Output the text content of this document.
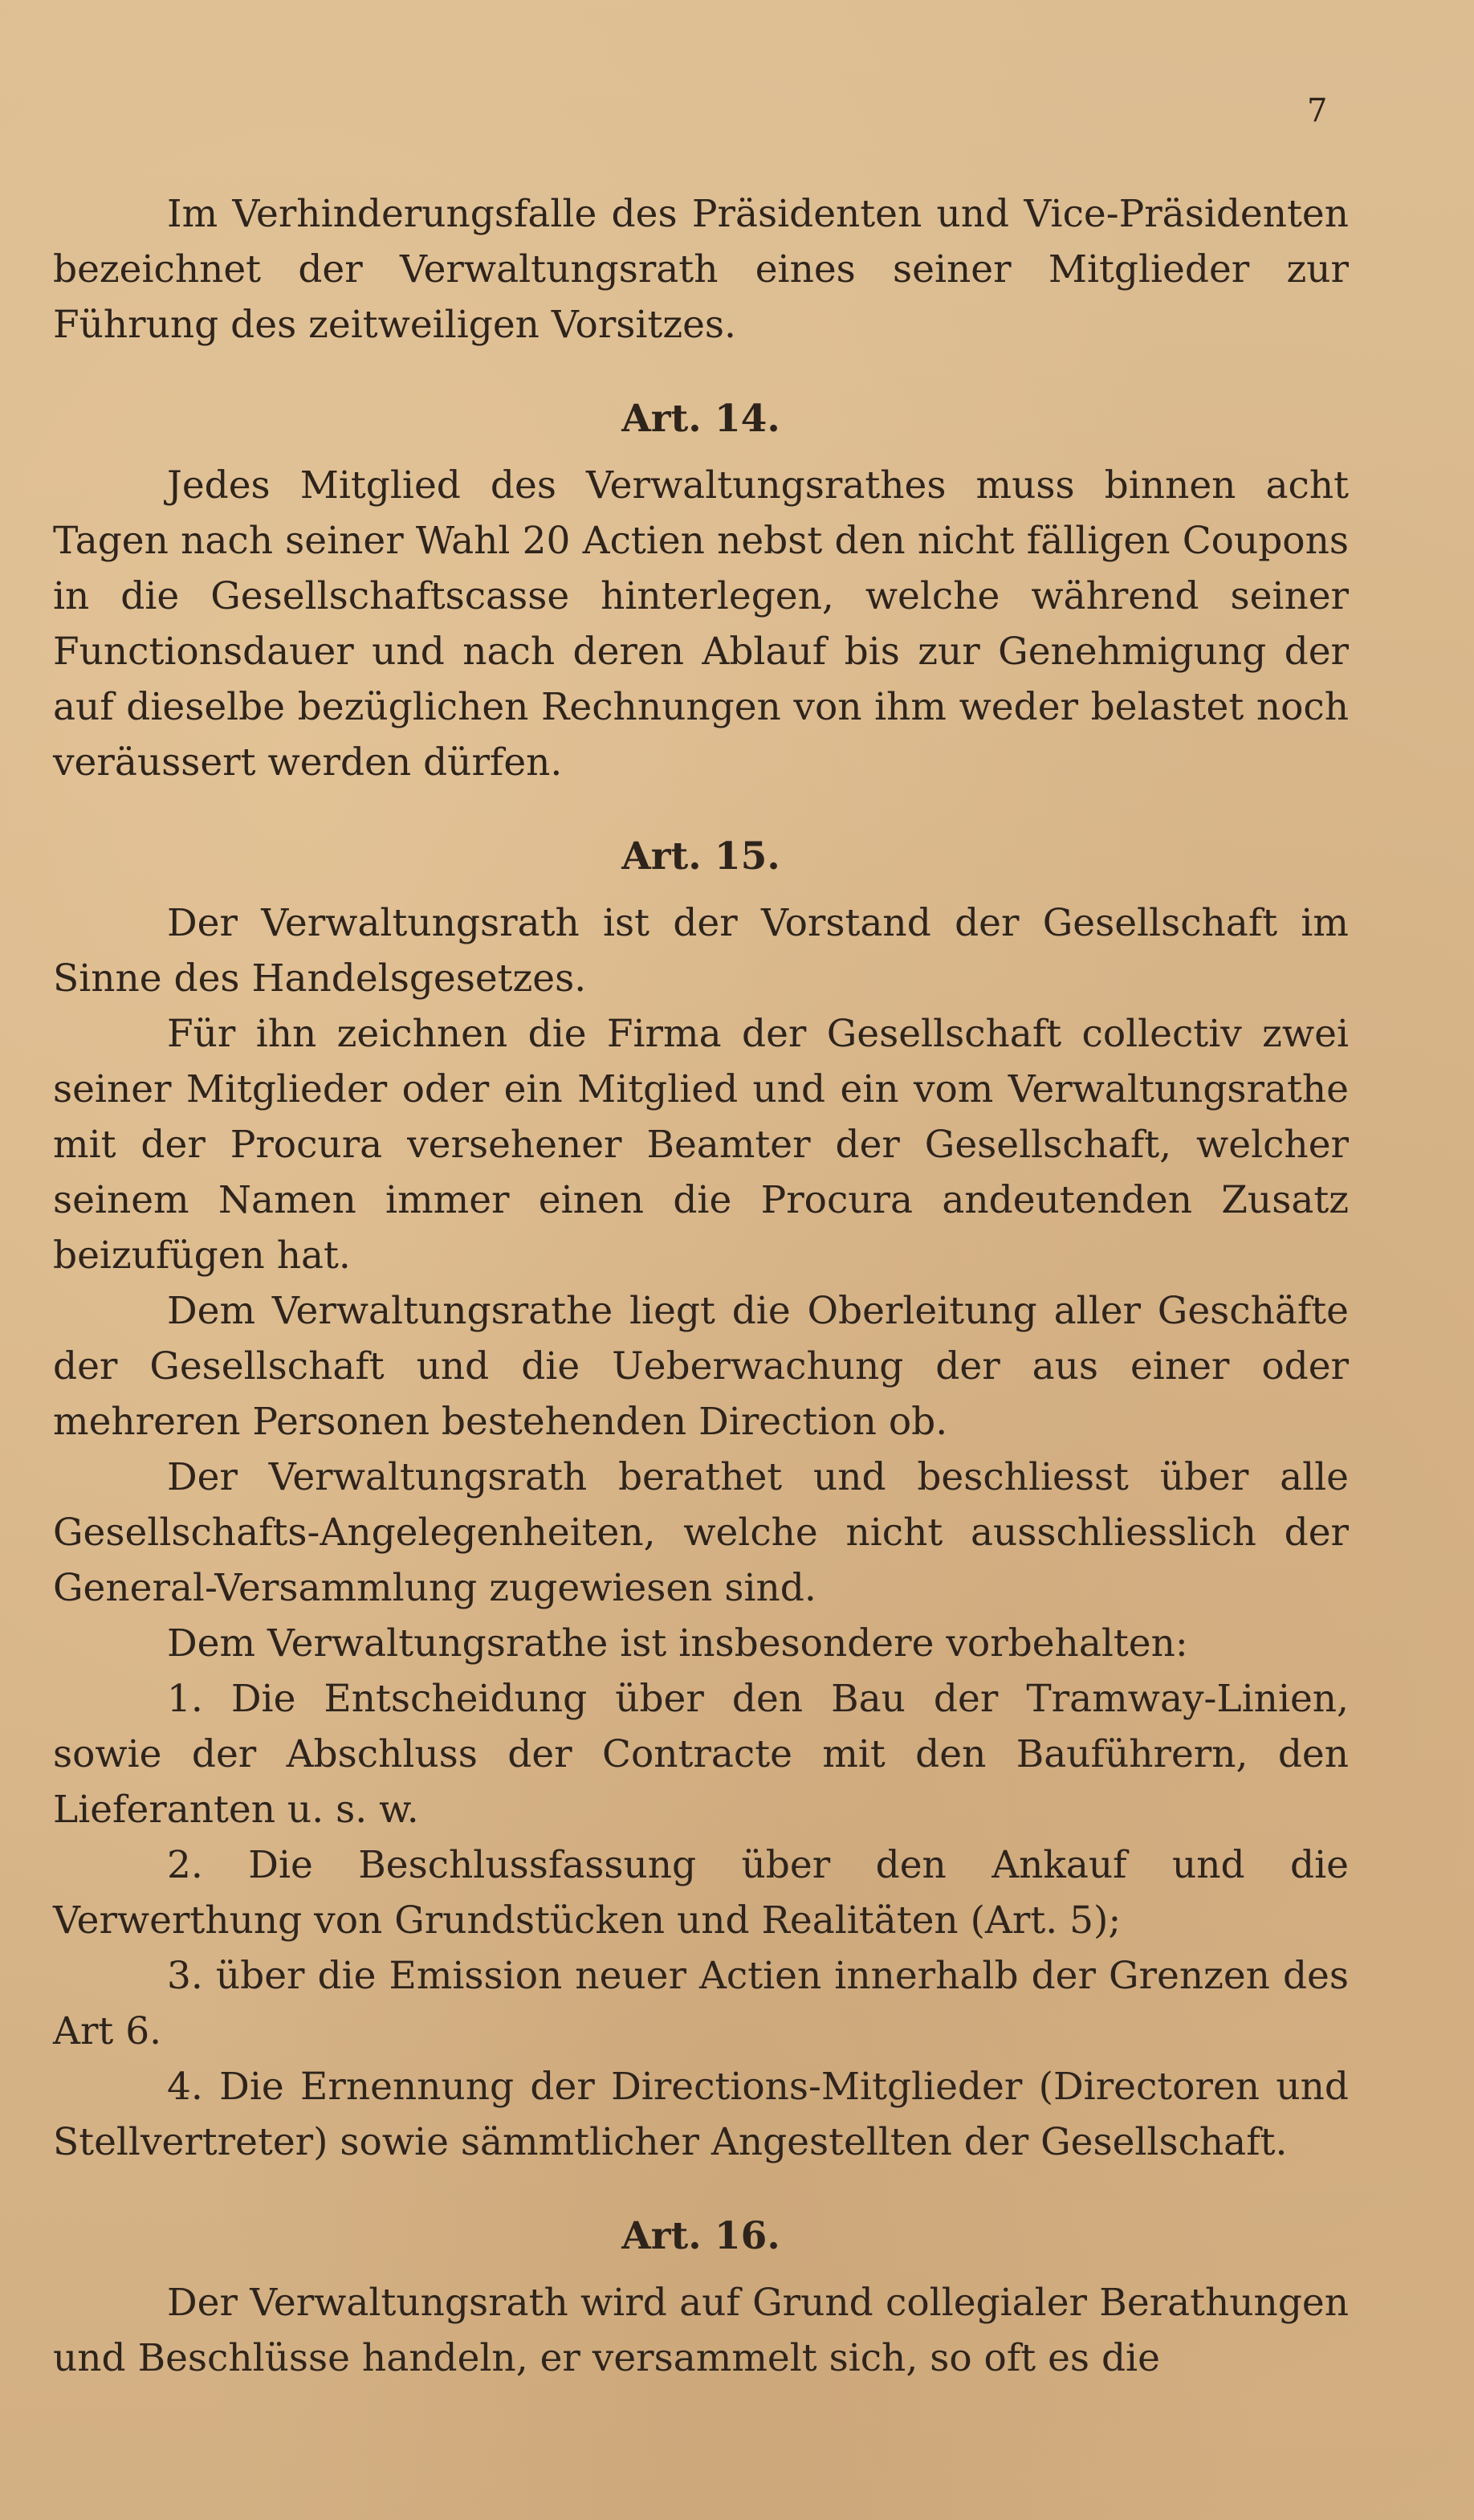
7

Im Verhinderungsfalle des Präsidenten und Vice-Präsidenten bezeichnet der Verwaltungsrath eines seiner Mitglieder zur Führung des zeitweiligen Vorsitzes.

Art. 14.

Jedes Mitglied des Verwaltungsrathes muss binnen acht Tagen nach seiner Wahl 20 Actien nebst den nicht fälligen Coupons in die Gesellschaftscasse hinterlegen, welche während seiner Functionsdauer und nach deren Ablauf bis zur Genehmigung der auf dieselbe bezüglichen Rechnungen von ihm weder belastet noch veräussert werden dürfen.

Art. 15.

Der Verwaltungsrath ist der Vorstand der Gesellschaft im Sinne des Handelsgesetzes.

Für ihn zeichnen die Firma der Gesellschaft collectiv zwei seiner Mitglieder oder ein Mitglied und ein vom Verwaltungsrathe mit der Procura versehener Beamter der Gesellschaft, welcher seinem Namen immer einen die Procura andeutenden Zusatz beizufügen hat.

Dem Verwaltungsrathe liegt die Oberleitung aller Geschäfte der Gesellschaft und die Ueberwachung der aus einer oder mehreren Personen bestehenden Direction ob.

Der Verwaltungsrath berathet und beschliesst über alle Gesellschafts-Angelegenheiten, welche nicht ausschliesslich der General-Versammlung zugewiesen sind.

Dem Verwaltungsrathe ist insbesondere vorbehalten:

1. Die Entscheidung über den Bau der Tramway-Linien, sowie der Abschluss der Contracte mit den Bauführern, den Lieferanten u. s. w.

2. Die Beschlussfassung über den Ankauf und die Verwerthung von Grundstücken und Realitäten (Art. 5);

3. über die Emission neuer Actien innerhalb der Grenzen des Art 6.

4. Die Ernennung der Directions-Mitglieder (Directoren und Stellvertreter) sowie sämmtlicher Angestellten der Gesellschaft.

Art. 16.

Der Verwaltungsrath wird auf Grund collegialer Berathungen und Beschlüsse handeln, er versammelt sich, so oft es die
